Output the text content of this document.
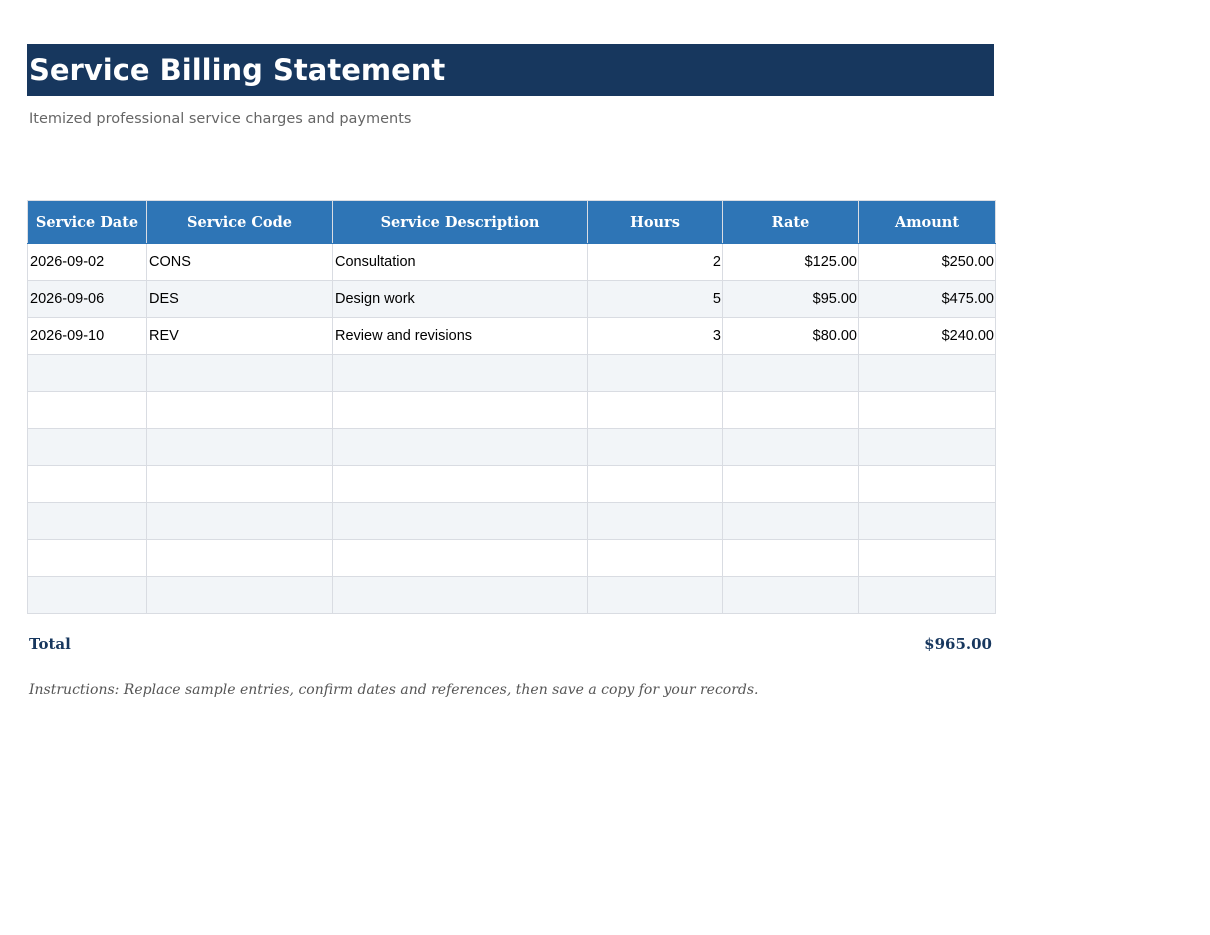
Service Billing Statement
Itemized professional service charges and payments
Service Date	Service Code	Service Description	Hours	Rate	Amount
2026-09-02	CONS	Consultation	2	$125.00	$250.00
2026-09-06	DES	Design work	5	$95.00	$475.00
2026-09-10	REV	Review and revisions	3	$80.00	$240.00

Total	$965.00
Instructions: Replace sample entries, confirm dates and references, then save a copy for your records.
